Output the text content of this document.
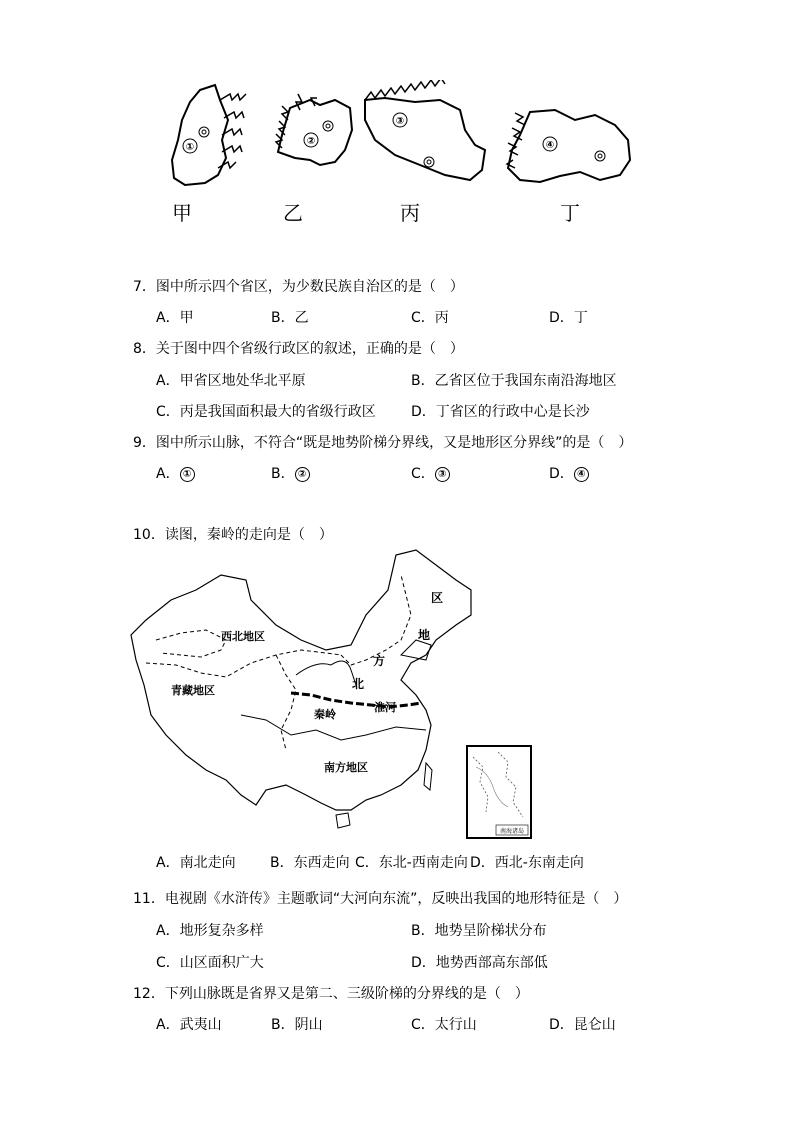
①
②
③
④
甲	乙	丙	丁
7．图中所示四个省区，为少数民族自治区的是（　）
A．甲	B．乙	C．丙	D．丁
8．关于图中四个省级行政区的叙述，正确的是（　）
A．甲省区地处华北平原	B．乙省区位于我国东南沿海地区
C．丙是我国面积最大的省级行政区	D．丁省区的行政中心是长沙
9．图中所示山脉，不符合“既是地势阶梯分界线，又是地形区分界线”的是（　）
A． ①	B． ②	C． ③	D． ④
10．读图，秦岭的走向是（　）
西北地区
青藏地区
南方地区
区
地
方
北
秦岭
淮河
南海诸岛
A．南北走向 B．东西走向 C．东北-西南走向 D．西北-东南走向
11．电视剧《水浒传》主题歌词“大河向东流”，反映出我国的地形特征是（　）
A．地形复杂多样	B．地势呈阶梯状分布
C．山区面积广大	D．地势西部高东部低
12．下列山脉既是省界又是第二、三级阶梯的分界线的是（　）
A．武夷山	B．阴山	C．太行山	D．昆仑山
